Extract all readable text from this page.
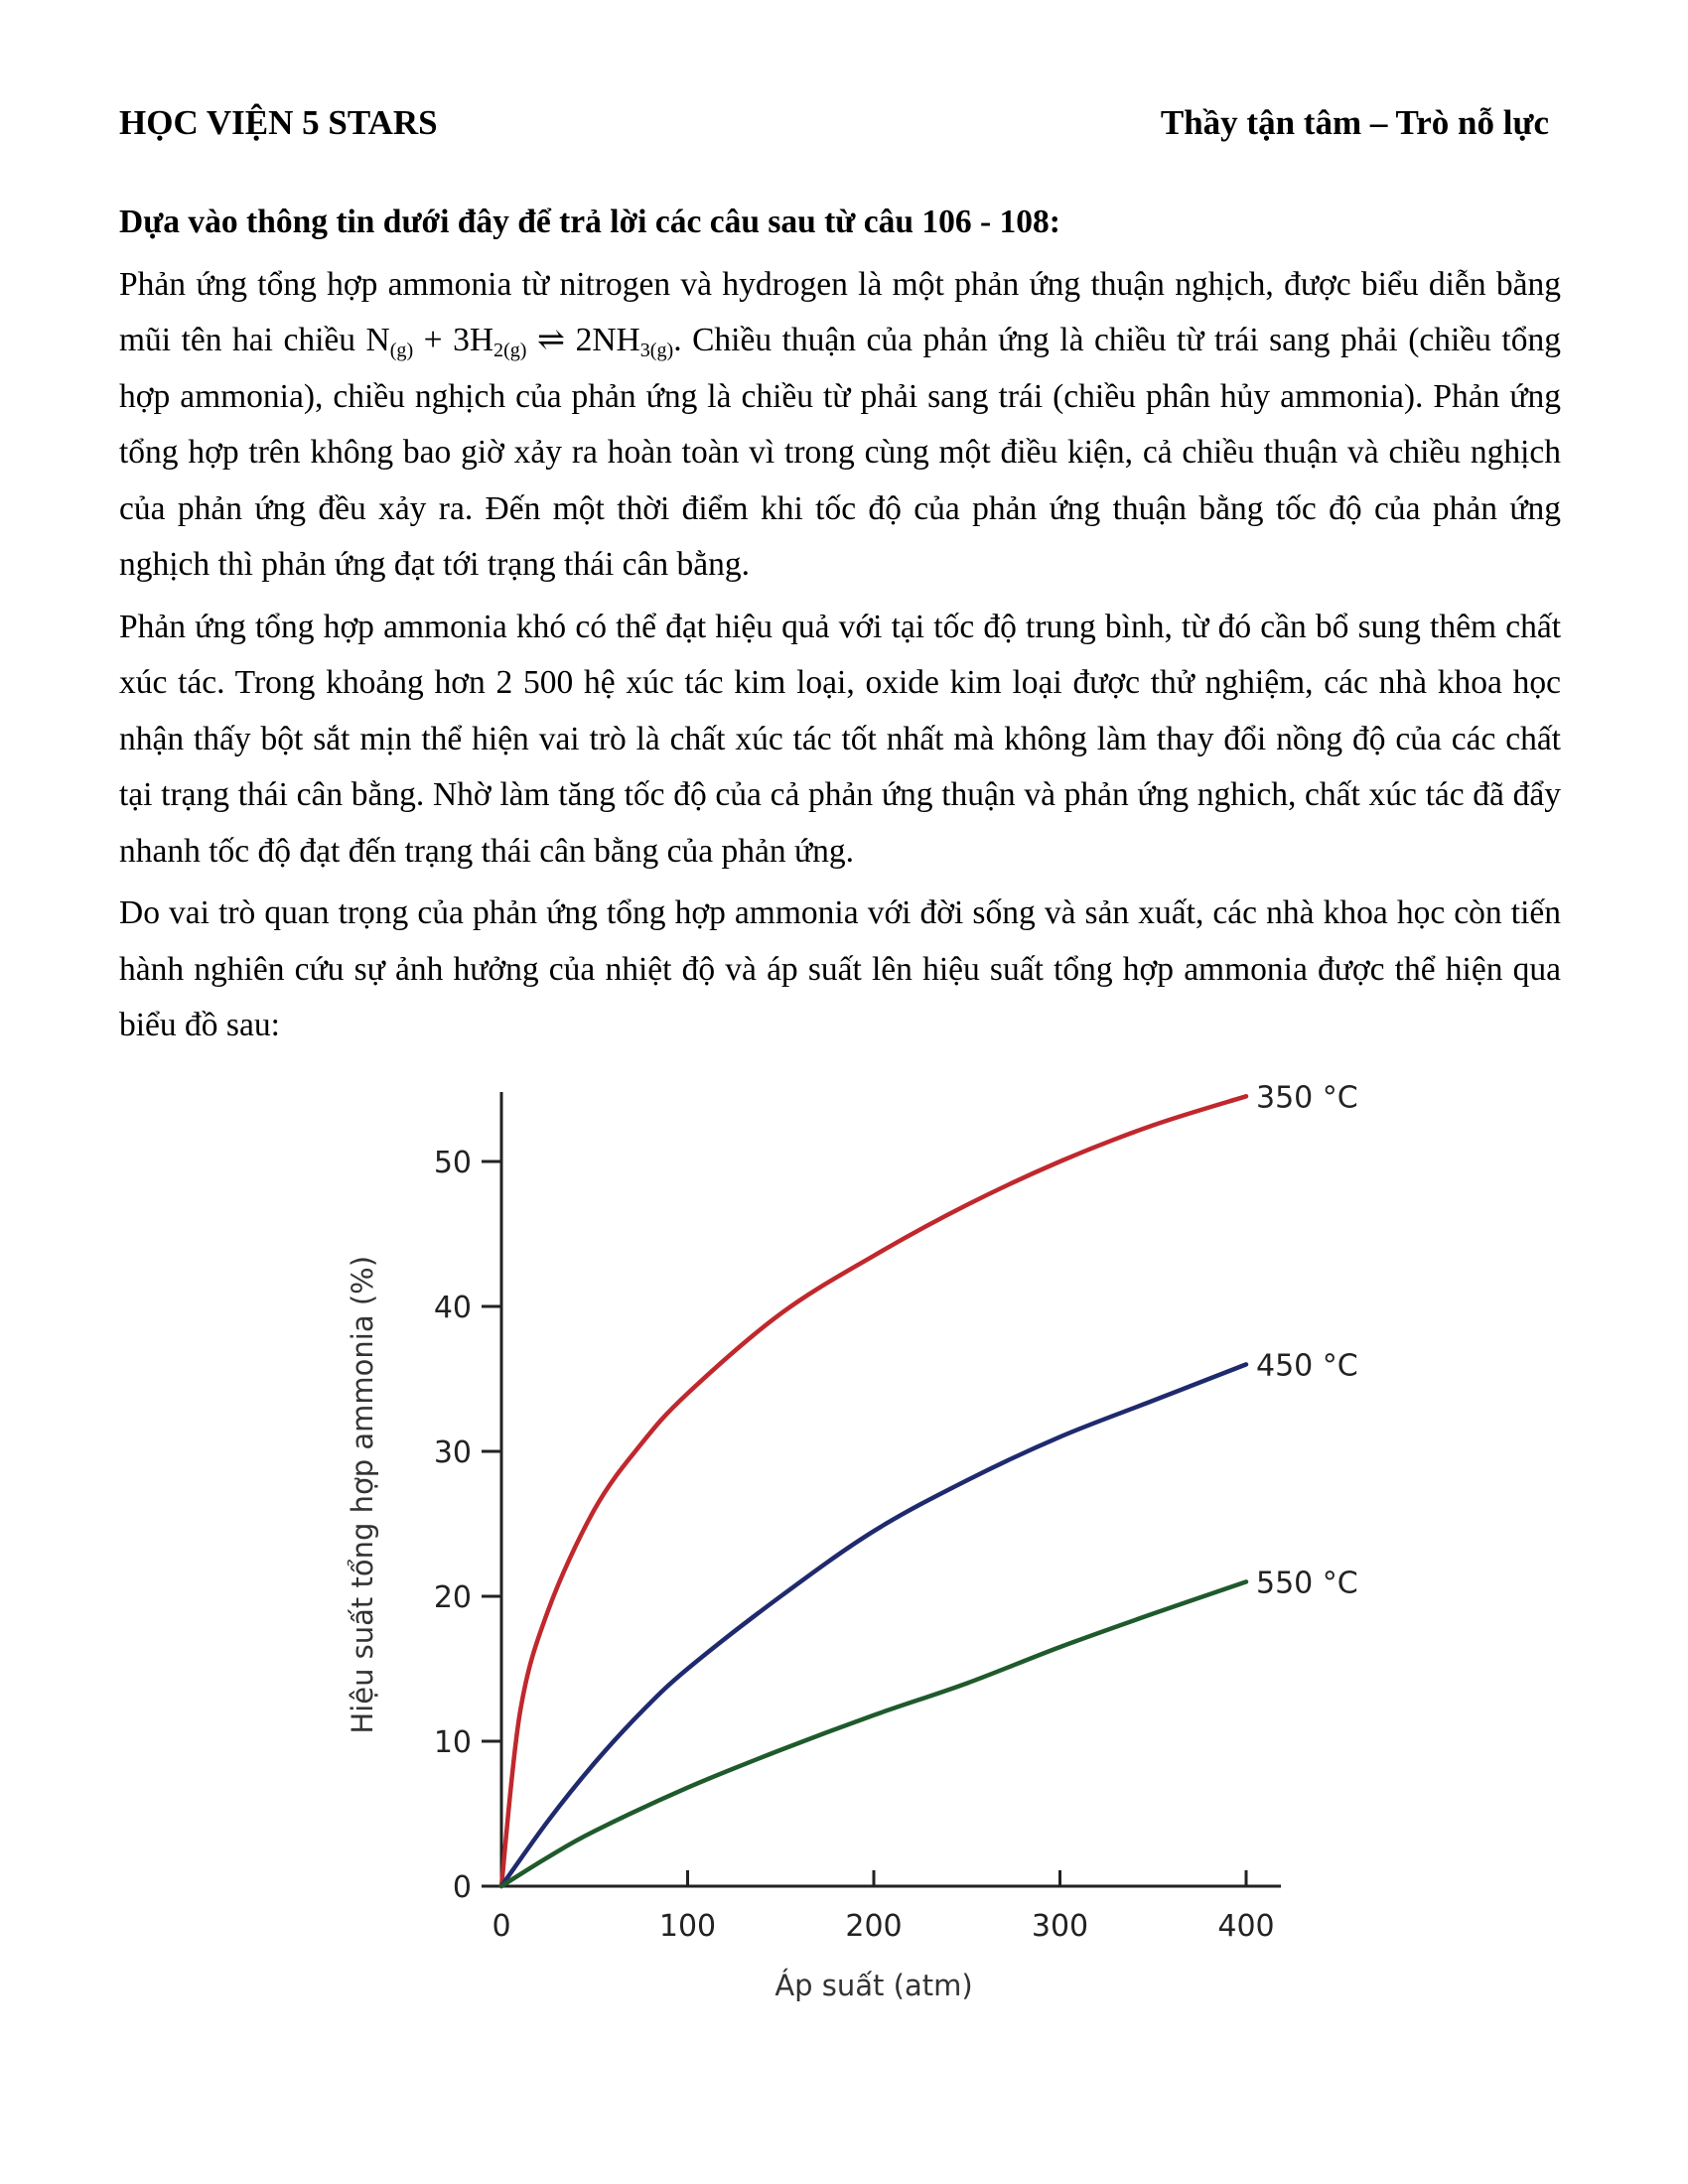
HỌC VIỆN 5 STARS	Thầy tận tâm – Trò nỗ lực

Dựa vào thông tin dưới đây để trả lời các câu sau từ câu 106 - 108:

Phản ứng tổng hợp ammonia từ nitrogen và hydrogen là một phản ứng thuận nghịch, được biểu diễn bằng mũi tên hai chiều $N_{(g)} + 3H_{2(g)}$ ⇌ $2NH_{3(g)}$. Chiều thuận của phản ứng là chiều từ trái sang phải (chiều tổng hợp ammonia), chiều nghịch của phản ứng là chiều từ phải sang trái (chiều phân hủy ammonia). Phản ứng tổng hợp trên không bao giờ xảy ra hoàn toàn vì trong cùng một điều kiện, cả chiều thuận và chiều nghịch của phản ứng đều xảy ra. Đến một thời điểm khi tốc độ của phản ứng thuận bằng tốc độ của phản ứng nghịch thì phản ứng đạt tới trạng thái cân bằng.

Phản ứng tổng hợp ammonia khó có thể đạt hiệu quả với tại tốc độ trung bình, từ đó cần bổ sung thêm chất xúc tác. Trong khoảng hơn 2 500 hệ xúc tác kim loại, oxide kim loại được thử nghiệm, các nhà khoa học nhận thấy bột sắt mịn thể hiện vai trò là chất xúc tác tốt nhất mà không làm thay đổi nồng độ của các chất tại trạng thái cân bằng. Nhờ làm tăng tốc độ của cả phản ứng thuận và phản ứng nghich, chất xúc tác đã đẩy nhanh tốc độ đạt đến trạng thái cân bằng của phản ứng.

Do vai trò quan trọng của phản ứng tổng hợp ammonia với đời sống và sản xuất, các nhà khoa học còn tiến hành nghiên cứu sự ảnh hưởng của nhiệt độ và áp suất lên hiệu suất tổng hợp ammonia được thể hiện qua biểu đồ sau:

0
10
20
30
40
50
0	100	200	300	400
350 °C
450 °C
550 °C
Áp suất (atm)
Hiệu suất tổng hợp ammonia (%)
